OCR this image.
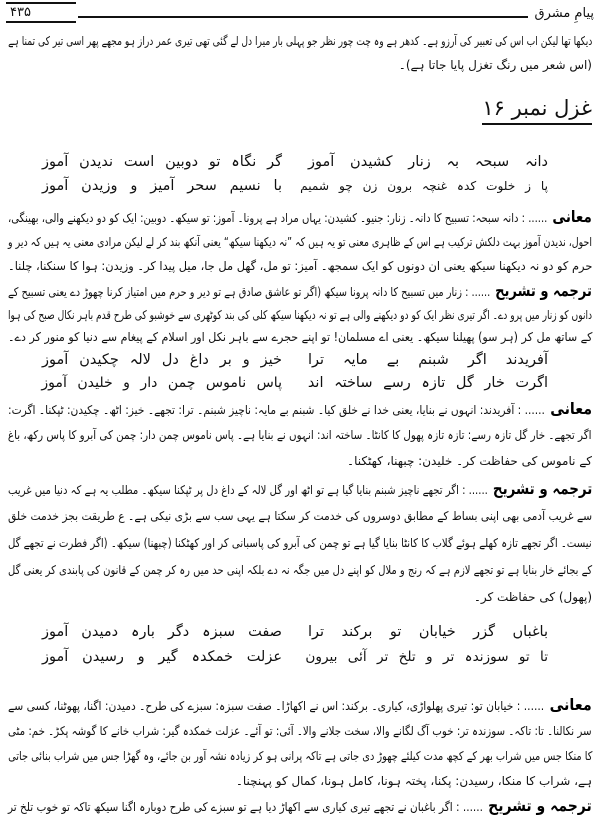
پیامِ مشرق
۴۳۵
دیکھا تھا لیکن اب اس کی تعبیر کی آرزو ہے۔ کدھر ہے وہ چت چور نظر جو پہلی بار میرا دل لے گئی تھی تیری عمر دراز ہو مجھے پھر اسی تیر کی تمنا ہے
(اس شعر میں رنگ تغزل پایا جاتا ہے)۔
غزل نمبر ۱۶
دانہ سبحہ بہ زنار کشیدن آموز
گر نگاہ تو دوبین است ندیدن آموز
پا ز خلوت کدہ غنچہ برون زن چو شمیم
با نسیم سحر آمیز و وزیدن آموز
معانی...... : دانہ سبحہ: تسبیح کا دانہ۔ زنار: جنیو۔ کشیدن: یہاں مراد ہے پرونا۔ آموز: تو سیکھ۔ دوبین: ایک کو دو دیکھنے والی، بھینگی،
احول، ندیدن آموز بہت دلکش ترکیب ہے اس کے ظاہری معنی تو یہ ہیں کہ ”نہ دیکھنا سیکھ“ یعنی آنکھ بند کر لے لیکن مرادی معنی یہ ہیں کہ دیر و
حرم کو دو نہ دیکھنا سیکھ یعنی ان دونوں کو ایک سمجھ۔ آمیز: تو مل، گھل مل جا، میل پیدا کر۔ وزیدن: ہوا کا سنکنا، چلنا۔
ترجمہ و تشریح...... : زنار میں تسبیح کا دانہ پرونا سیکھ (اگر تو عاشق صادق ہے تو دیر و حرم میں امتیاز کرنا چھوڑ دے یعنی تسبیح کے
دانوں کو زنار میں پرو دے۔ اگر تیری نظر ایک کو دو دیکھنے والی ہے تو نہ دیکھنا سیکھ کلی کی بند کوٹھری سے خوشبو کی طرح قدم باہر نکال صبح کی ہوا
کے ساتھ مل کر (ہر سو) پھیلنا سیکھ۔ یعنی اے مسلمان! تو اپنے حجرے سے باہر نکل اور اسلام کے پیغام سے دنیا کو منور کر دے۔
آفریدند اگر شبنم بے مایہ ترا
خیز و بر داغ دل لالہ چکیدن آموز
اگرت خار گل تازہ رسے ساختہ اند
پاس ناموس چمن دار و خلیدن آموز
معانی...... : آفریدند: انہوں نے بنایا، یعنی خدا نے خلق کیا۔ شبنم بے مایہ: ناچیز شبنم۔ ترا: تجھے۔ خیز: اٹھ۔ چکیدن: ٹپکنا۔ اگرت:
اگر تجھے۔ خار گل تازہ رسے: تازہ تازہ پھول کا کانٹا۔ ساختہ اند: انہوں نے بنایا ہے۔ پاس ناموس چمن دار: چمن کی آبرو کا پاس رکھ، باغ
کے ناموس کی حفاظت کر۔ خلیدن: چبھنا، کھٹکنا۔
ترجمہ و تشریح...... : اگر تجھے ناچیز شبنم بنایا گیا ہے تو اٹھ اور گل لالہ کے داغ دل پر ٹپکنا سیکھ۔ مطلب یہ ہے کہ دنیا میں غریب
سے غریب آدمی بھی اپنی بساط کے مطابق دوسروں کی خدمت کر سکتا ہے یہی سب سے بڑی نیکی ہے۔ ع طریقت بجز خدمت خلق
نیست۔ اگر تجھے تازہ کھلے ہوئے گلاب کا کانٹا بنایا گیا ہے تو چمن کی آبرو کی پاسبانی کر اور کھٹکنا (چبھنا) سیکھ۔ (اگر فطرت نے تجھے گل
کے بجائے خار بنایا ہے تو تجھے لازم ہے کہ رنج و ملال کو اپنے دل میں جگہ نہ دے بلکہ اپنی حد میں رہ کر چمن کے قانون کی پابندی کر یعنی گل
(پھول) کی حفاظت کر۔
باغباں گزر خیابان تو برکند ترا
صفت سبزہ دگر بارہ دمیدن آموز
تا تو سوزندہ تر و تلخ تر آئی بیرون
عزلت خمکدہ گیر و رسیدن آموز
معانی...... : خیابان تو: تیری پھلواڑی، کیاری۔ برکند: اس نے اکھاڑا۔ صفت سبزہ: سبزے کی طرح۔ دمیدن: اگنا، پھوٹنا، کسی سے
سر نکالنا۔ تا: تاکہ۔ سوزندہ تر: خوب آگ لگانے والا، سخت جلانے والا۔ آئی: تو آئے۔ عزلت خمکدہ گیر: شراب خانے کا گوشہ پکڑ۔ خم: مٹی
کا منکا جس میں شراب بھر کے کچھ مدت کیلئے چھوڑ دی جاتی ہے تاکہ پرانی ہو کر زیادہ نشہ آور بن جائے، وہ گھڑا جس میں شراب بنائی جاتی
ہے، شراب کا منکا، رسیدن: پکنا، پختہ ہونا، کامل ہونا، کمال کو پہنچنا۔
ترجمہ و تشریح...... : اگر باغبان نے تجھے تیری کیاری سے اکھاڑ دیا ہے تو سبزے کی طرح دوبارہ اگنا سیکھ تاکہ تو خوب تلخ تر
